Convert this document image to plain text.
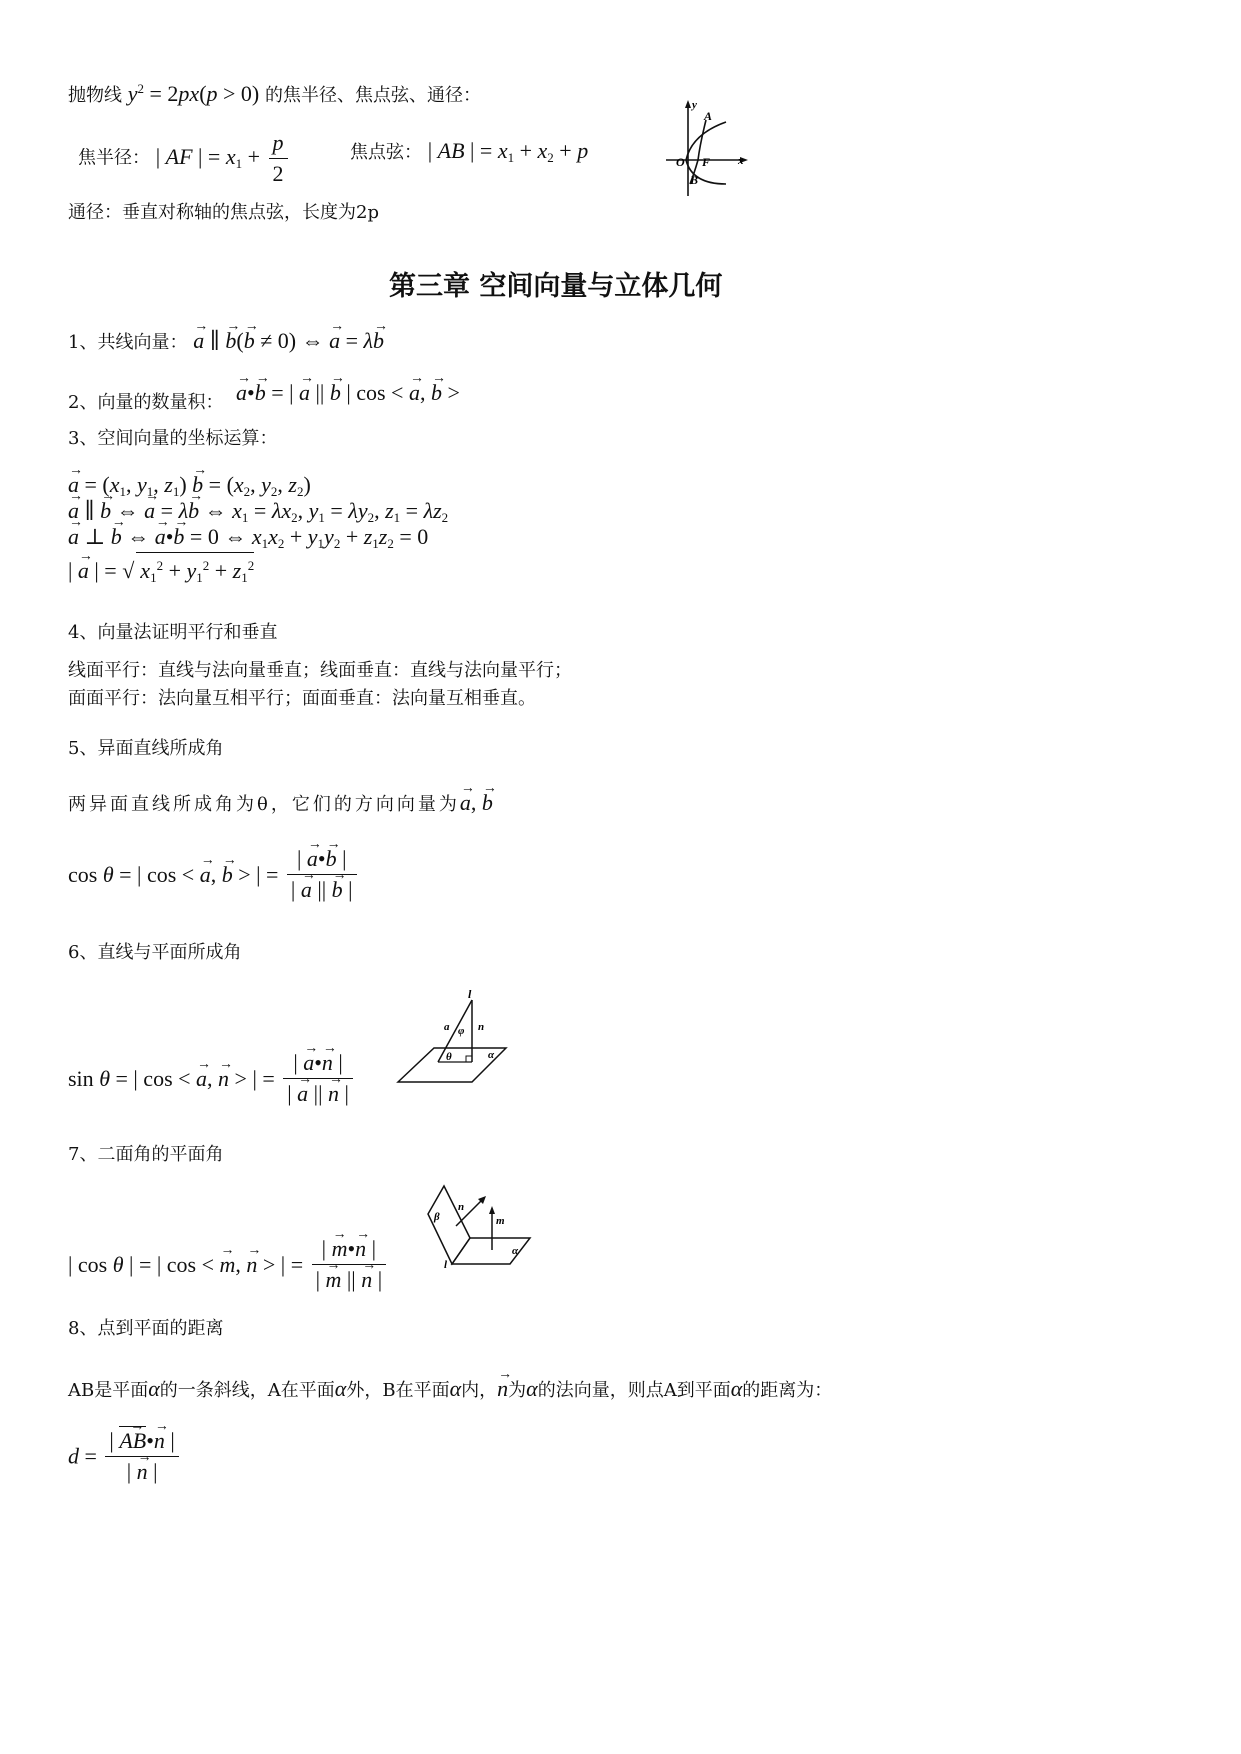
抛物线 $y^2 = 2px(p > 0)$ 的焦半径、焦点弦、通径：
焦半径： | AF | = $x_1 + \frac{p}{2}$	焦点弦： | AB | = $x_1 + x_2 + p$
y
A
O F
B
x
通径：垂直对称轴的焦点弦，长度为2p
第三章 空间向量与立体几何
1、共线向量： → a ∥ → b(→ b ≠ 0) ⇔ → a = λ→ b
2、向量的数量积： → a•→ b = | → a || → b | cos < → a, → b >
3、空间向量的坐标运算：
→ $a = (x_1$, $y_1$, $z_1) \to b = (x_2$, $y_2$, $z_2$)
→ a ∥ → b ⇔ → a = λ→ b ⇔ $x_1 = \lambda x_2$, $y_1 = \lambda y_2$, $z_1 = \lambda z_2$
→ a ⊥ → b ⇔ → a•→ b = 0 ⇔ $x_1x_2 + y_1y_2 + z_1z_2 = 0$
| → a | = √ $x_1^2 + y_1^2 + z_1^2$
4、向量法证明平行和垂直
线面平行：直线与法向量垂直；线面垂直：直线与法向量平行；
面面平行：法向量互相平行；面面垂直：法向量互相垂直。
5、异面直线所成角
两异面直线所成角为θ，它们的方向向量为→ a, → b
cos θ = | cos < → a, → b > | = $\frac{| \to a•\to b |}{| \to a || \to b |}$
6、直线与平面所成角
sin θ = | cos < → a, → n > | = $\frac{| \to a•\to n |}{| \to a || \to n |}$
l
a φ n
θ	α
7、二面角的平面角
| cos θ | = | cos < → m, → n > | = $\frac{| \to m•\to n |}{| \to m || \to n |}$
β
n
m
α
l
8、点到平面的距离
AB是平面α的一条斜线，A在平面α外，B在平面α内，→ n为α的法向量，则点A到平面α的距离为：
$d = \frac{| AB \to•\to n |}{| \to n |}$
